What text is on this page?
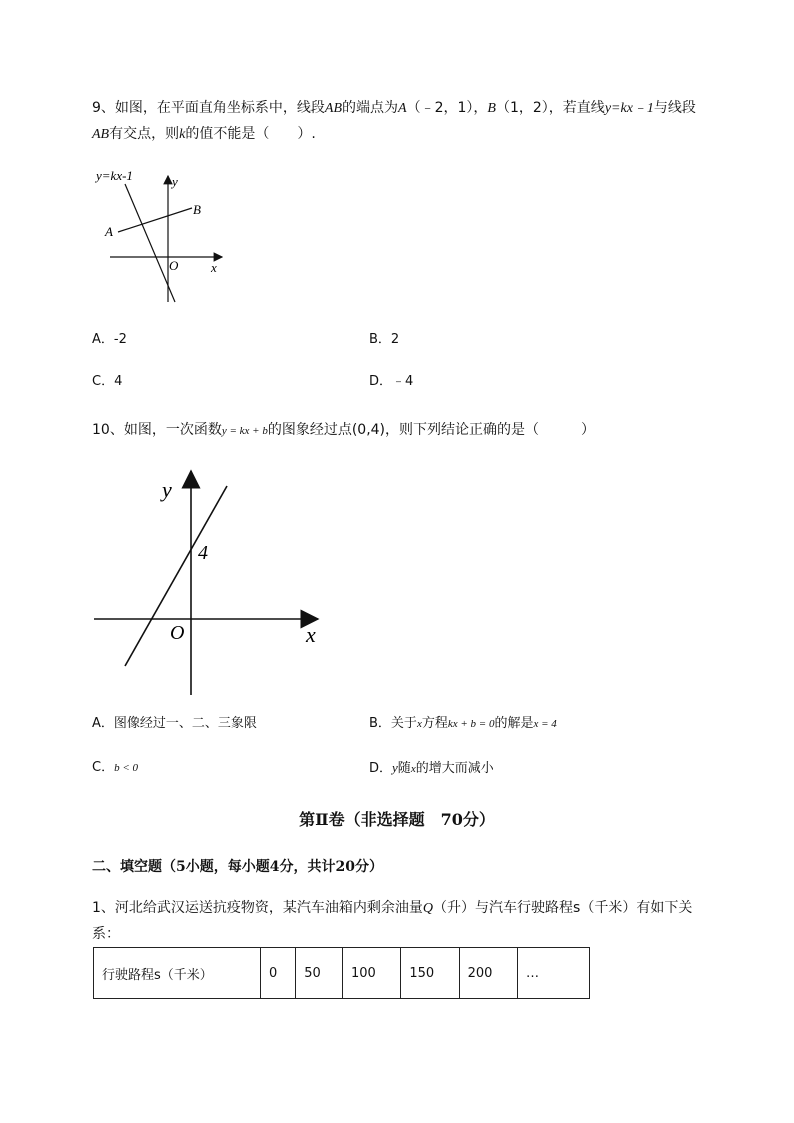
9、如图，在平面直角坐标系中，线段AB的端点为A（﹣2，1），B（1，2），若直线y=kx﹣1与线段
AB有交点，则k的值不能是（　　）.
y=kx-1	y
x
O
A
B
A．-2	B．2
C．4	D．﹣4
10、如图，一次函数y = kx + b的图象经过点(0,4)，则下列结论正确的是（　　　）
y
x
O
4
A．图像经过一、二、三象限	B．关于x方程kx + b = 0的解是x = 4
C．b < 0	D．y随x的增大而减小
第Ⅱ卷（非选择题　70分）
二、填空题（5小题，每小题4分，共计20分）
1、河北给武汉运送抗疫物资，某汽车油箱内剩余油量Q（升）与汽车行驶路程s（千米）有如下关
系：
行驶路程s（千米）	0	50	100	150	200	…
